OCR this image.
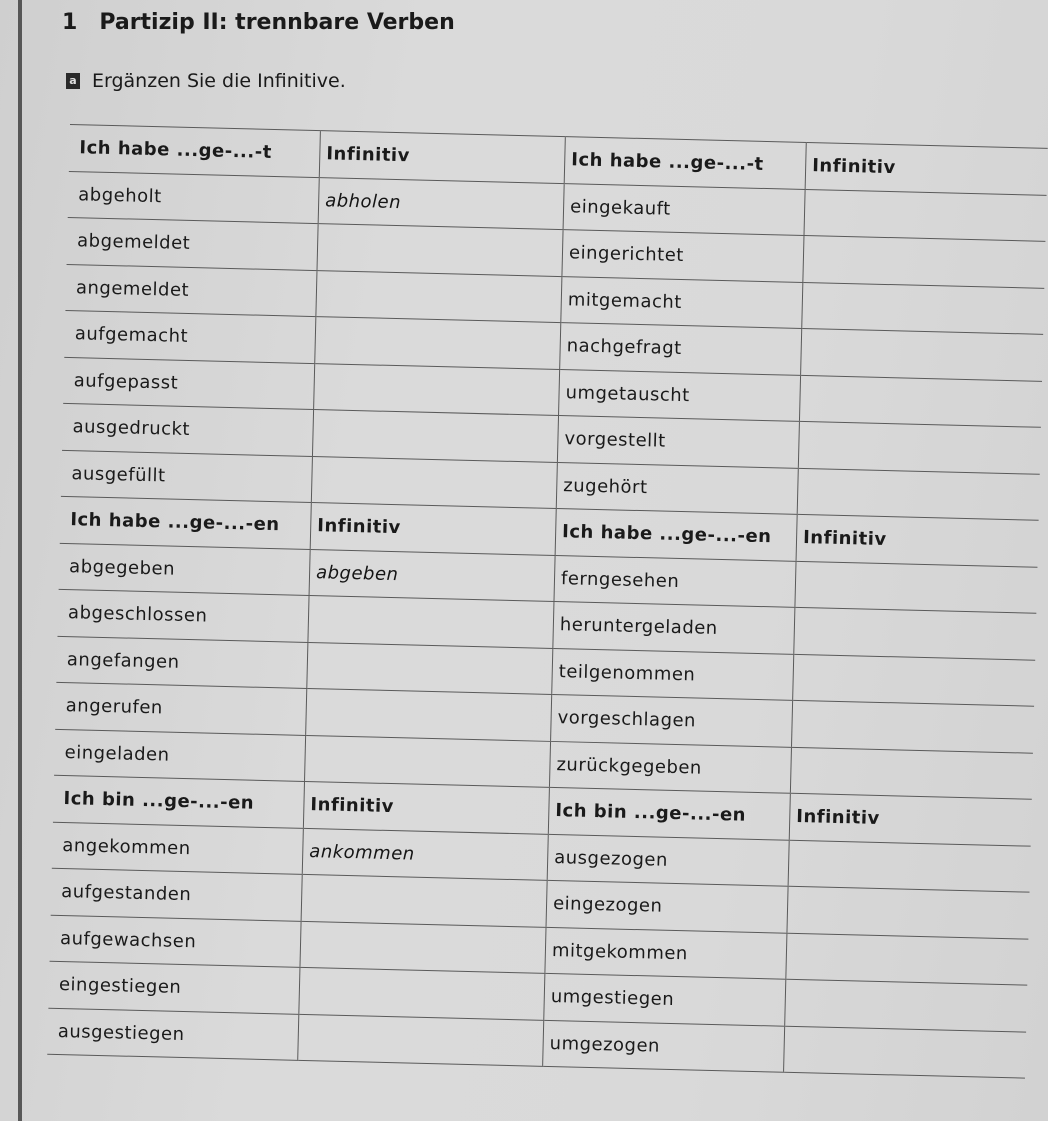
1 Partizip II: trennbare Verben
a Ergänzen Sie die Infinitive.
Ich habe ...ge-...-t	Infinitiv	Ich habe ...ge-...-t	Infinitiv
abgeholt	abholen	eingekauft	
abgemeldet		eingerichtet	
angemeldet		mitgemacht	
aufgemacht		nachgefragt	
aufgepasst		umgetauscht	
ausgedruckt		vorgestellt	
ausgefüllt		zugehört	
Ich habe ...ge-...-en	Infinitiv	Ich habe ...ge-...-en	Infinitiv
abgegeben	abgeben	ferngesehen	
abgeschlossen		heruntergeladen	
angefangen		teilgenommen	
angerufen		vorgeschlagen	
eingeladen		zurückgegeben	
Ich bin ...ge-...-en	Infinitiv	Ich bin ...ge-...-en	Infinitiv
angekommen	ankommen	ausgezogen	
aufgestanden		eingezogen	
aufgewachsen		mitgekommen	
eingestiegen		umgestiegen	
ausgestiegen		umgezogen	
